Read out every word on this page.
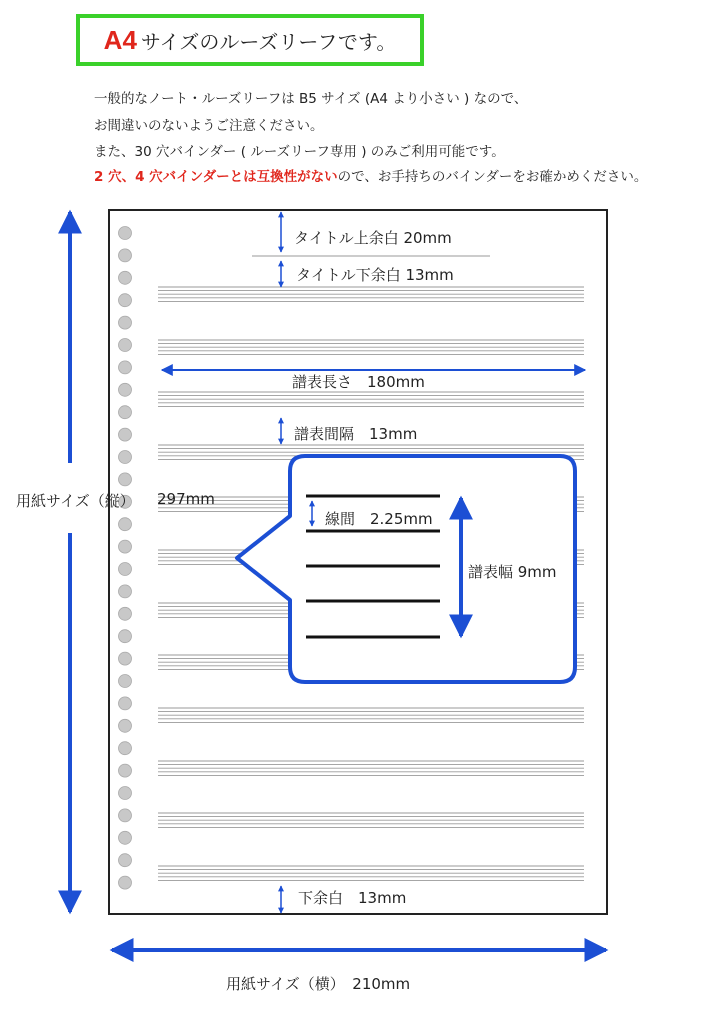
A4 サイズのルーズリーフです。
一般的なノート・ルーズリーフは B5 サイズ (A4 より小さい ) なので、
お間違いのないようご注意ください。
また、30 穴バインダー ( ルーズリーフ専用 ) のみご利用可能です。
2 穴、4 穴バインダーとは互換性がないので、お手持ちのバインダーをお確かめください。
タイトル上余白 20mm
タイトル下余白 13mm
譜表長さ　180mm
譜表間隔　13mm
線間　2.25mm
譜表幅 9mm
下余白　13mm
用紙サイズ（縦） 297mm
用紙サイズ（横）　210mm
